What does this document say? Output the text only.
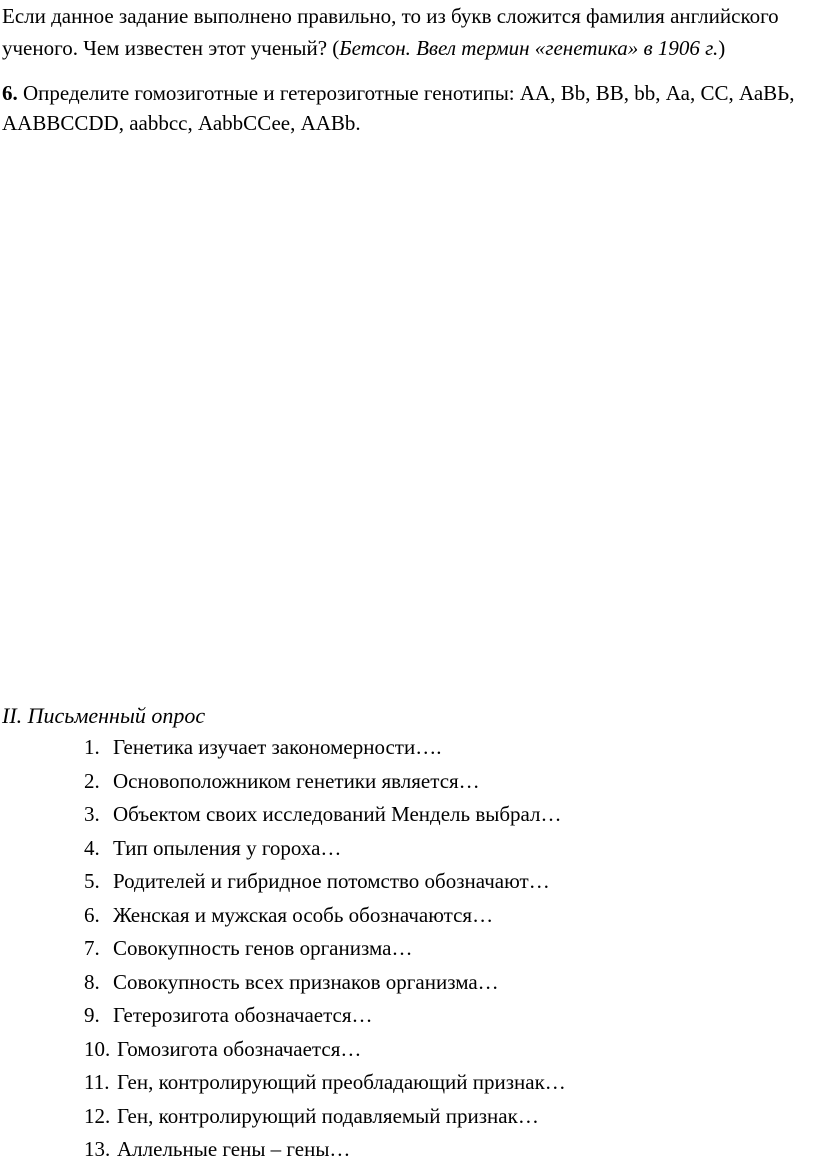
Если данное задание выполнено правильно, то из букв сложится фамилия английского ученого. Чем известен этот ученый? (Бетсон. Ввел термин «генетика» в 1906 г.)

6. Определите гомозиготные и гетерозиготные генотипы: АА, Вb, ВВ, bb, Аа, СС, АаВЬ, ААВВССDD, ааbbсс, АаbbССее, ААВb.

II. Письменный опрос
1. Генетика изучает закономерности….
2. Основоположником генетики является…
3. Объектом своих исследований Мендель выбрал…
4. Тип опыления у гороха…
5. Родителей и гибридное потомство обозначают…
6. Женская и мужская особь обозначаются…
7. Совокупность генов организма…
8. Совокупность всех признаков организма…
9. Гетерозигота обозначается…
10. Гомозигота обозначается…
11. Ген, контролирующий преобладающий признак…
12. Ген, контролирующий подавляемый признак…
13. Аллельные гены – гены…
